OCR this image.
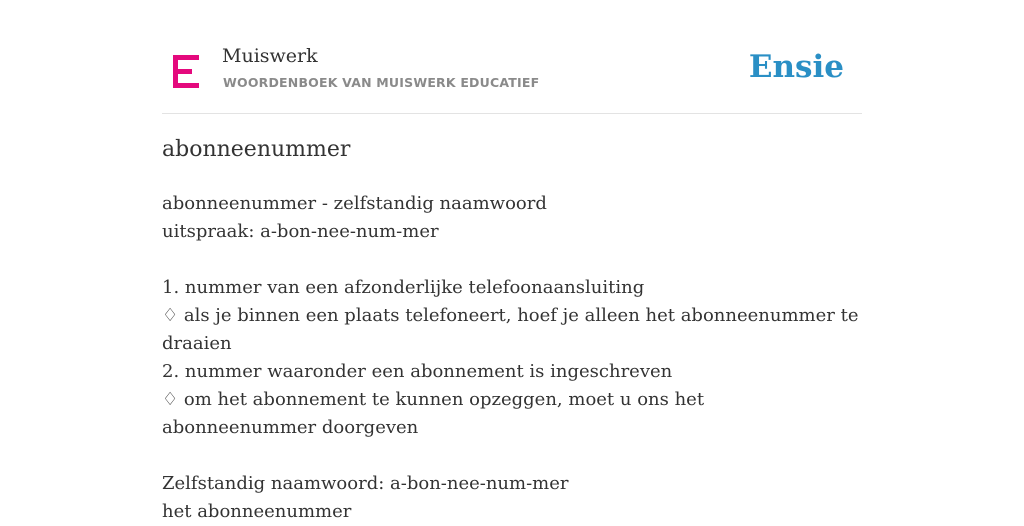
Muiswerk
WOORDENBOEK VAN MUISWERK EDUCATIEF	Ensie
abonneenummer
abonneenummer - zelfstandig naamwoord
uitspraak: a-bon-nee-num-mer
1. nummer van een afzonderlijke telefoonaansluiting
♢ als je binnen een plaats telefoneert, hoef je alleen het abonneenummer te draaien
2. nummer waaronder een abonnement is ingeschreven
♢ om het abonnement te kunnen opzeggen, moet u ons het abonneenummer doorgeven
Zelfstandig naamwoord: a-bon-nee-num-mer
het abonneenummer
